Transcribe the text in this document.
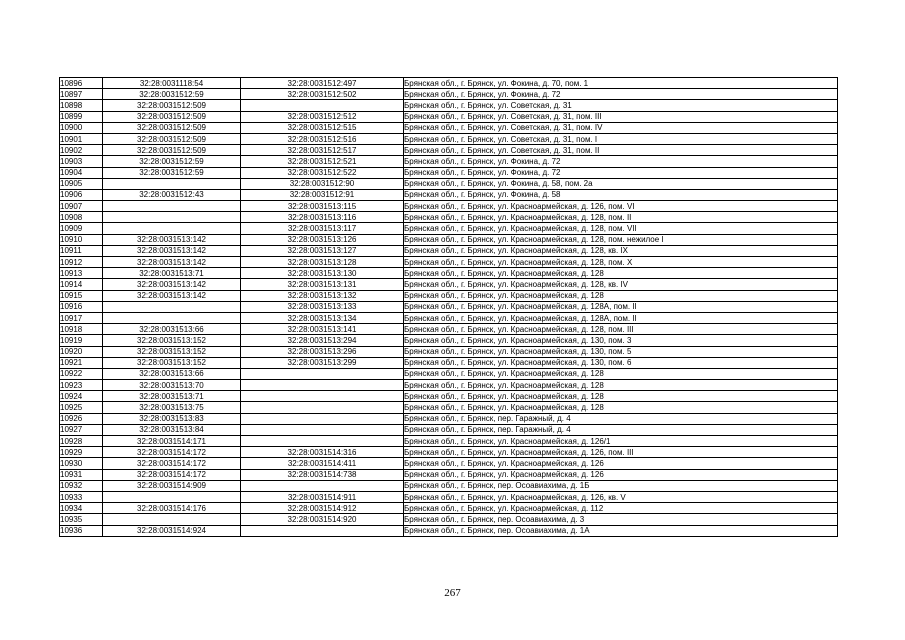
10896	32:28:0031118:54	32:28:0031512:497	Брянская обл., г. Брянск, ул. Фокина, д. 70, пом. 1
10897	32:28:0031512:59	32:28:0031512:502	Брянская обл., г. Брянск, ул. Фокина, д. 72
10898	32:28:0031512:509		Брянская обл., г. Брянск, ул. Советская, д. 31
10899	32:28:0031512:509	32:28:0031512:512	Брянская обл., г. Брянск, ул. Советская, д. 31, пом. III
10900	32:28:0031512:509	32:28:0031512:515	Брянская обл., г. Брянск, ул. Советская, д. 31, пом. IV
10901	32:28:0031512:509	32:28:0031512:516	Брянская обл., г. Брянск, ул. Советская, д. 31, пом. I
10902	32:28:0031512:509	32:28:0031512:517	Брянская обл., г. Брянск, ул. Советская, д. 31, пом. II
10903	32:28:0031512:59	32:28:0031512:521	Брянская обл., г. Брянск, ул. Фокина, д. 72
10904	32:28:0031512:59	32:28:0031512:522	Брянская обл., г. Брянск, ул. Фокина, д. 72
10905		32:28:0031512:90	Брянская обл., г. Брянск, ул. Фокина, д. 58, пом. 2а
10906	32:28:0031512:43	32:28:0031512:91	Брянская обл., г. Брянск, ул. Фокина, д. 58
10907		32:28:0031513:115	Брянская обл., г. Брянск, ул. Красноармейская, д. 126, пом. VI
10908		32:28:0031513:116	Брянская обл., г. Брянск, ул. Красноармейская, д. 128, пом. II
10909		32:28:0031513:117	Брянская обл., г. Брянск, ул. Красноармейская, д. 128, пом. VII
10910	32:28:0031513:142	32:28:0031513:126	Брянская обл., г. Брянск, ул. Красноармейская, д. 128, пом. нежилое I
10911	32:28:0031513:142	32:28:0031513:127	Брянская обл., г. Брянск, ул. Красноармейская, д. 128, кв. IX
10912	32:28:0031513:142	32:28:0031513:128	Брянская обл., г. Брянск, ул. Красноармейская, д. 128, пом. X
10913	32:28:0031513:71	32:28:0031513:130	Брянская обл., г. Брянск, ул. Красноармейская, д. 128
10914	32:28:0031513:142	32:28:0031513:131	Брянская обл., г. Брянск, ул. Красноармейская, д. 128, кв. IV
10915	32:28:0031513:142	32:28:0031513:132	Брянская обл., г. Брянск, ул. Красноармейская, д. 128
10916		32:28:0031513:133	Брянская обл., г. Брянск, ул. Красноармейская, д. 128А, пом. II
10917		32:28:0031513:134	Брянская обл., г. Брянск, ул. Красноармейская, д. 128А, пом. II
10918	32:28:0031513:66	32:28:0031513:141	Брянская обл., г. Брянск, ул. Красноармейская, д. 128, пом. III
10919	32:28:0031513:152	32:28:0031513:294	Брянская обл., г. Брянск, ул. Красноармейская, д. 130, пом. 3
10920	32:28:0031513:152	32:28:0031513:296	Брянская обл., г. Брянск, ул. Красноармейская, д. 130, пом. 5
10921	32:28:0031513:152	32:28:0031513:299	Брянская обл., г. Брянск, ул. Красноармейская, д. 130, пом. 6
10922	32:28:0031513:66		Брянская обл., г. Брянск, ул. Красноармейская, д. 128
10923	32:28:0031513:70		Брянская обл., г. Брянск, ул. Красноармейская, д. 128
10924	32:28:0031513:71		Брянская обл., г. Брянск, ул. Красноармейская, д. 128
10925	32:28:0031513:75		Брянская обл., г. Брянск, ул. Красноармейская, д. 128
10926	32:28:0031513:83		Брянская обл., г. Брянск, пер. Гаражный, д. 4
10927	32:28:0031513:84		Брянская обл., г. Брянск, пер. Гаражный, д. 4
10928	32:28:0031514:171		Брянская обл., г. Брянск, ул. Красноармейская, д. 126/1
10929	32:28:0031514:172	32:28:0031514:316	Брянская обл., г. Брянск, ул. Красноармейская, д. 126, пом. III
10930	32:28:0031514:172	32:28:0031514:411	Брянская обл., г. Брянск, ул. Красноармейская, д. 126
10931	32:28:0031514:172	32:28:0031514:738	Брянская обл., г. Брянск, ул. Красноармейская, д. 126
10932	32:28:0031514:909		Брянская обл., г. Брянск, пер. Осоавиахима, д. 1Б
10933		32:28:0031514:911	Брянская обл., г. Брянск, ул. Красноармейская, д. 126, кв. V
10934	32:28:0031514:176	32:28:0031514:912	Брянская обл., г. Брянск, ул. Красноармейская, д. 112
10935		32:28:0031514:920	Брянская обл., г. Брянск, пер. Осоавиахима, д. 3
10936	32:28:0031514:924		Брянская обл., г. Брянск, пер. Осоавиахима, д. 1А
267
